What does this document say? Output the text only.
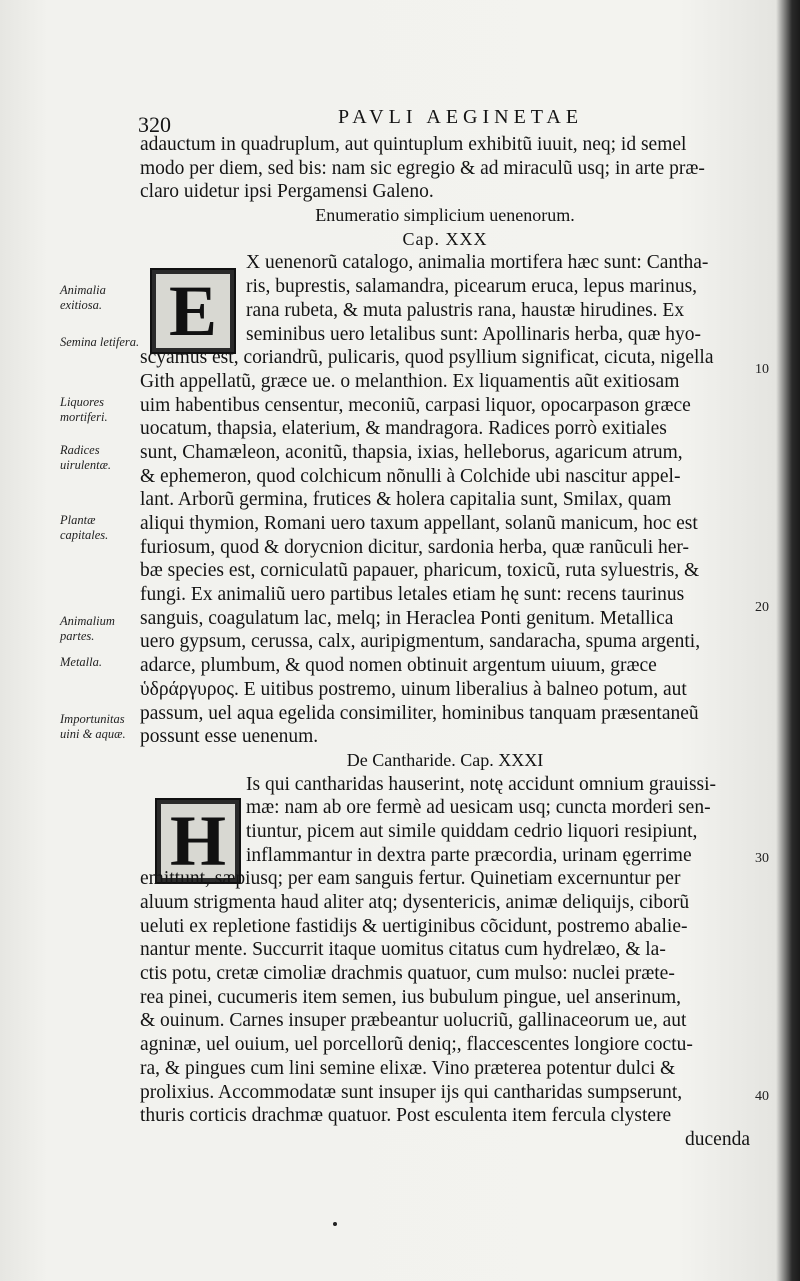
320	PAVLI AEGINETAE
E
H
adauctum in quadruplum, aut quintuplum exhibitũ iuuit, neq; id semel
modo per diem, sed bis: nam sic egregio & ad miraculũ usq; in arte præ-
claro uidetur ipsi Pergamensi Galeno.
Enumeratio simplicium uenenorum.
Cap. XXX
X uenenorũ catalogo, animalia mortifera hæc sunt: Cantha-
ris, buprestis, salamandra, picearum eruca, lepus marinus,
rana rubeta, & muta palustris rana, haustæ hirudines. Ex
seminibus uero letalibus sunt: Apollinaris herba, quæ hyo-
scyamus est, coriandrũ, pulicaris, quod psyllium significat, cicuta, nigella
Gith appellatũ, græce ue. o melanthion. Ex liquamentis aũt exitiosam
uim habentibus censentur, meconiũ, carpasi liquor, opocarpason græce
uocatum, thapsia, elaterium, & mandragora. Radices porrò exitiales
sunt, Chamæleon, aconitũ, thapsia, ixias, helleborus, agaricum atrum,
& ephemeron, quod colchicum nõnulli à Colchide ubi nascitur appel-
lant. Arborũ germina, frutices & holera capitalia sunt, Smilax, quam
aliqui thymion, Romani uero taxum appellant, solanũ manicum, hoc est
furiosum, quod & dorycnion dicitur, sardonia herba, quæ ranũculi her-
bæ species est, corniculatũ papauer, pharicum, toxicũ, ruta syluestris, &
fungi. Ex animaliũ uero partibus letales etiam hę sunt: recens taurinus
sanguis, coagulatum lac, melq; in Heraclea Ponti genitum. Metallica
uero gypsum, cerussa, calx, auripigmentum, sandaracha, spuma argenti,
adarce, plumbum, & quod nomen obtinuit argentum uiuum, græce
ὑδράργυρος. E uitibus postremo, uinum liberalius à balneo potum, aut
passum, uel aqua egelida consimiliter, hominibus tanquam præsentaneũ
possunt esse uenenum.
De Cantharide. Cap. XXXI
Is qui cantharidas hauserint, notę accidunt omnium grauissi-
mæ: nam ab ore fermè ad uesicam usq; cuncta morderi sen-
tiuntur, picem aut simile quiddam cedrio liquori resipiunt,
inflammantur in dextra parte præcordia, urinam ęgerrime
emittunt, sæpiusq; per eam sanguis fertur. Quinetiam excernuntur per
aluum strigmenta haud aliter atq; dysentericis, animæ deliquijs, ciborũ
ueluti ex repletione fastidijs & uertiginibus cõcidunt, postremo abalie-
nantur mente. Succurrit itaque uomitus citatus cum hydrelæo, & la-
ctis potu, cretæ cimoliæ drachmis quatuor, cum mulso: nuclei præte-
rea pinei, cucumeris item semen, ius bubulum pingue, uel anserinum,
& ouinum. Carnes insuper præbeantur uolucriũ, gallinaceorum ue, aut
agninæ, uel ouium, uel porcellorũ deniq;, flaccescentes longiore coctu-
ra, & pingues cum lini semine elixæ. Vino præterea potentur dulci &
prolixius. Accommodatæ sunt insuper ijs qui cantharidas sumpserunt,
thuris corticis drachmæ quatuor. Post esculenta item fercula clystere
ducenda
Animalia exitiosa.
Semina letifera.
Liquores mortiferi.
Radices uirulentæ.
Plantæ capitales.
Animalium partes.
Metalla.
Importunitas uini & aquæ.
10
20
30
40
